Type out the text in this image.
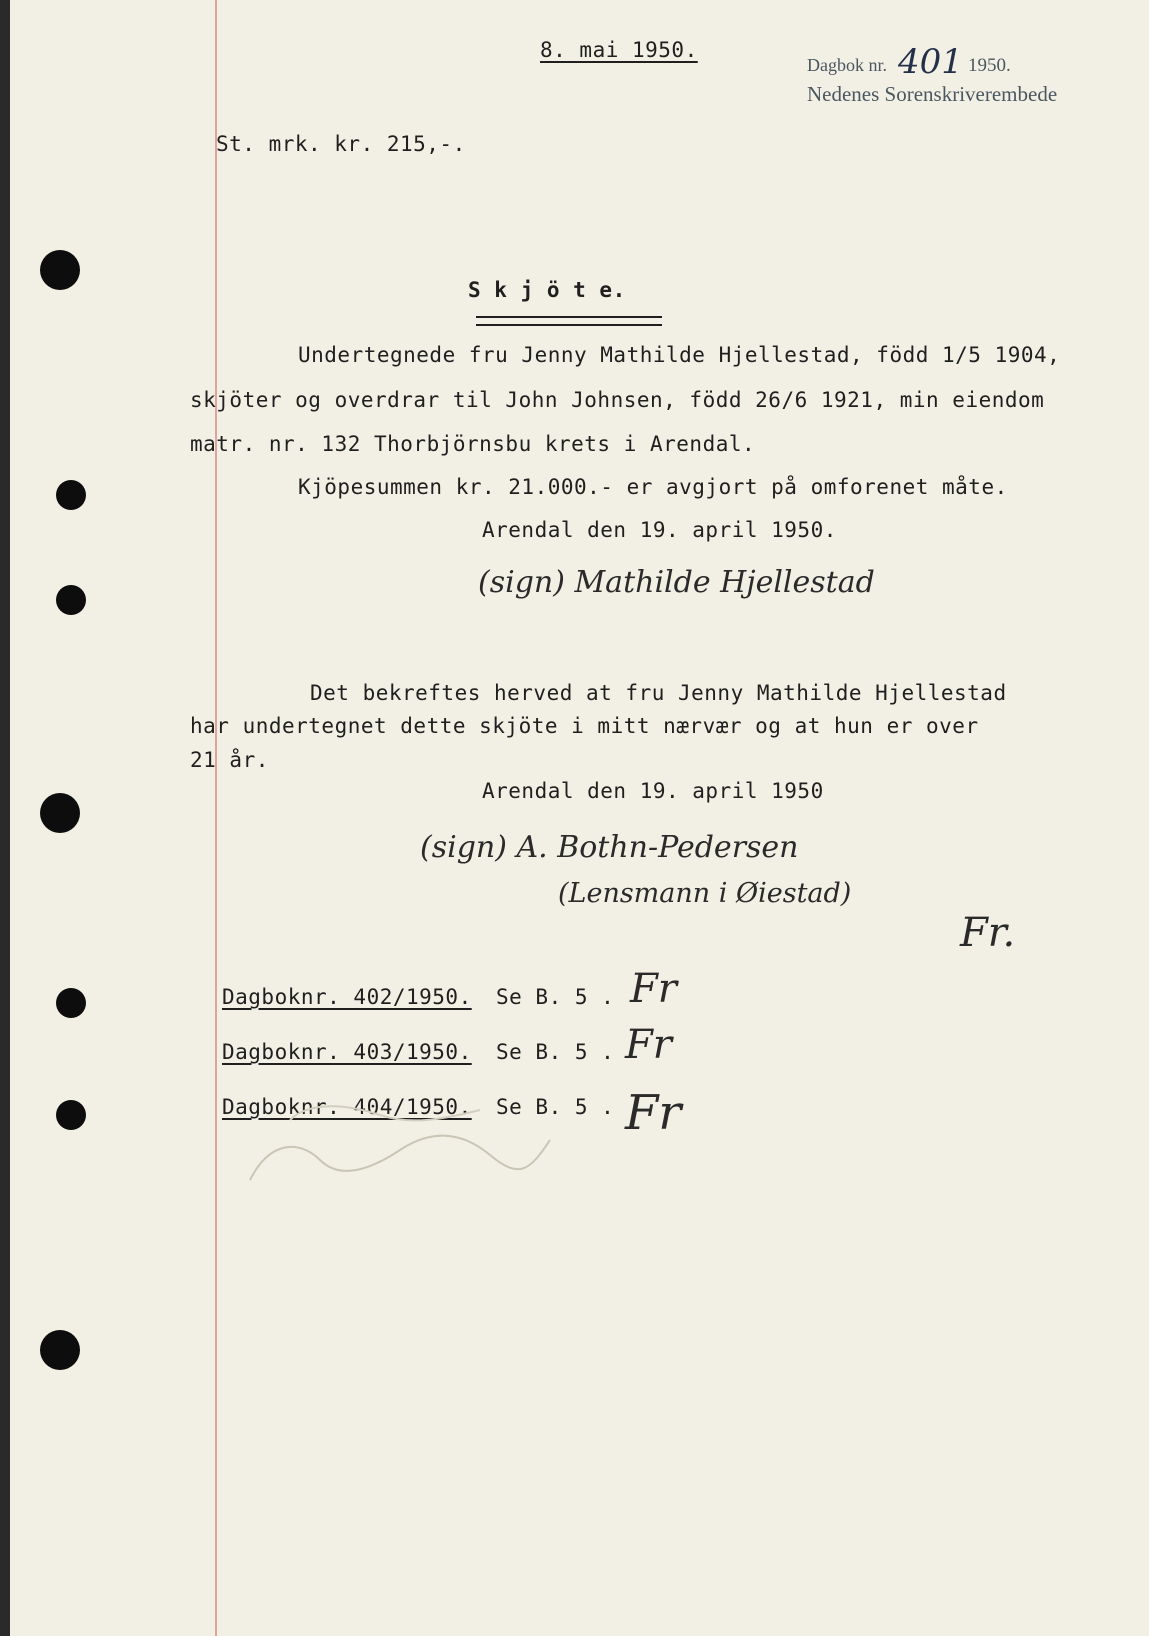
8. mai 1950.
Dagbok nr. 401 1950.
Nedenes Sorenskriverembede
St. mrk. kr. 215,-.
S k j ö t e.
Undertegnede fru Jenny Mathilde Hjellestad, född 1/5 1904,
skjöter og overdrar til John Johnsen, född 26/6 1921, min eiendom
matr. nr. 132 Thorbjörnsbu krets i Arendal.
Kjöpesummen kr. 21.000.- er avgjort på omforenet måte.
Arendal den 19. april 1950.
(sign) Mathilde Hjellestad
Det bekreftes herved at fru Jenny Mathilde Hjellestad
har undertegnet dette skjöte i mitt nærvær og at hun er over
21 år.
Arendal den 19. april 1950
(sign) A. Bothn-Pedersen
(Lensmann i Øiestad)
Fr.
Dagboknr. 402/1950. Se B. 5 . Fr
Dagboknr. 403/1950. Se B. 5 . Fr
Dagboknr. 404/1950. Se B. 5 . Fr
